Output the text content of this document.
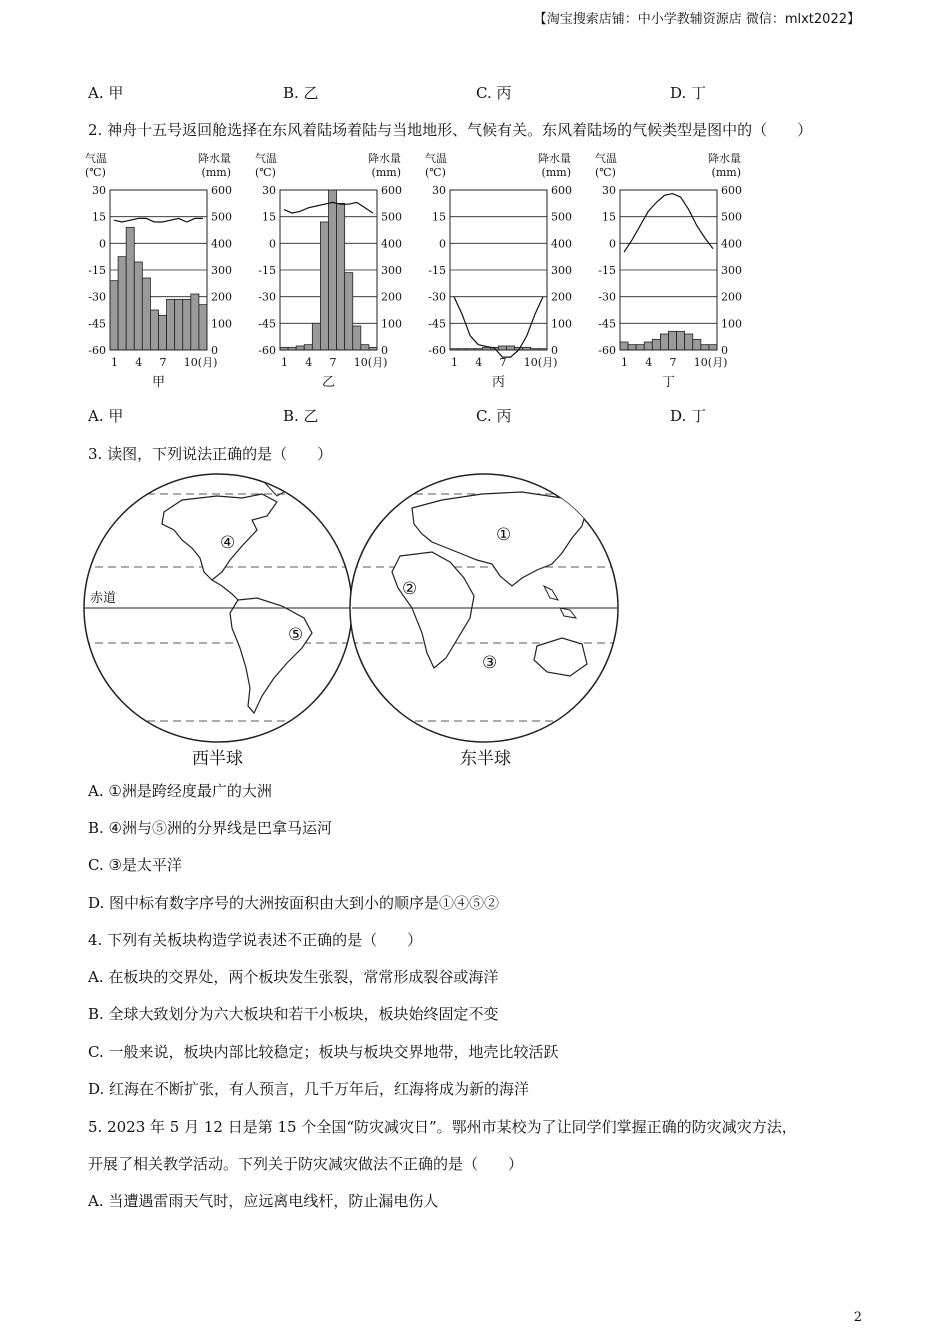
【淘宝搜索店铺：中小学教辅资源店 微信：mlxt2022】
A. 甲	B. 乙	C. 丙	D. 丁
2. 神舟十五号返回舱选择在东风着陆场着陆与当地地形、气候有关。东风着陆场的气候类型是图中的（　　）
气温
(℃)
降水量
(mm)
30
15
0
-15
-30
-45
-60
600
500
400
300
200
100
0
1 4 7 10(月)
甲
气温
(℃)
降水量
(mm)
30
15
0
-15
-30
-45
-60
600
500
400
300
200
100
0
1 4 7 10(月)
乙
气温
(℃)
降水量
(mm)
30
15
0
-15
-30
-45
-60
600
500
400
300
200
100
0
1 4 7 10(月)
丙
气温
(℃)
降水量
(mm)
30
15
0
-15
-30
-45
-60
600
500
400
300
200
100
0
1 4 7 10(月)
丁
A. 甲	B. 乙	C. 丙	D. 丁
3. 读图，下列说法正确的是（　　）
赤道
④
⑤
西半球
①
②
③
东半球
A. ①洲是跨经度最广的大洲
B. ④洲与⑤洲的分界线是巴拿马运河
C. ③是太平洋
D. 图中标有数字序号的大洲按面积由大到小的顺序是①④⑤②
4. 下列有关板块构造学说表述不正确的是（　　）
A. 在板块的交界处，两个板块发生张裂，常常形成裂谷或海洋
B. 全球大致划分为六大板块和若干小板块，板块始终固定不变
C. 一般来说，板块内部比较稳定；板块与板块交界地带，地壳比较活跃
D. 红海在不断扩张，有人预言，几千万年后，红海将成为新的海洋
5. 2023 年 5 月 12 日是第 15 个全国“防灾减灾日”。鄂州市某校为了让同学们掌握正确的防灾减灾方法，
开展了相关教学活动。下列关于防灾减灾做法不正确的是（　　）
A. 当遭遇雷雨天气时，应远离电线杆，防止漏电伤人
2
